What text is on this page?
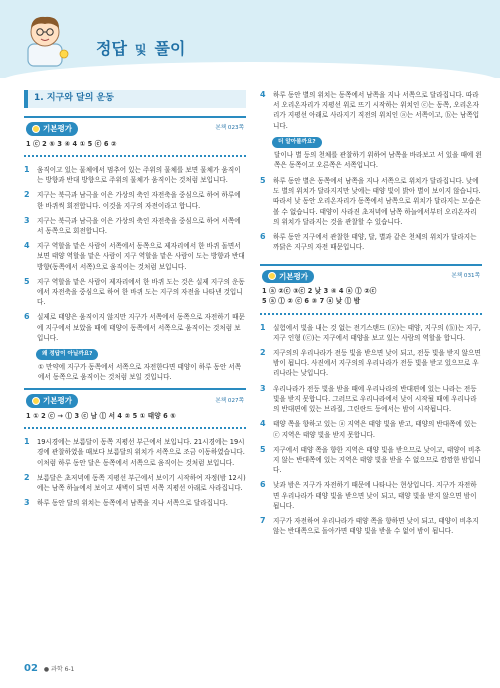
정답 및 풀이
1. 지구와 달의 운동
기본평가	본책 023쪽
1 ⓒ 2 ⑤ 3 ④ 4 ① 5 ⓒ 6 ②
1	움직이고 있는 물체에서 멈추어 있는 주위의 물체를 보면 물체가 움직이는 방향과 반대 방향으로 주위의 물체가 움직이는 것처럼 보입니다.
2	지구는 북극과 남극을 이은 가상의 축인 자전축을 중심으로 하여 하루에 한 바퀴씩 회전합니다. 이것을 지구의 자전이라고 합니다.
3	지구는 북극과 남극을 이은 가상의 축인 자전축을 중심으로 하여 서쪽에서 동쪽으로 회전합니다.
4	지구 역할을 맡은 사람이 서쪽에서 동쪽으로 제자리에서 한 바퀴 돌면서 보면 태양 역할을 맡은 사람이 지구 역할을 맡은 사람이 도는 방향과 반대 방향(동쪽에서 서쪽)으로 움직이는 것처럼 보입니다.
5	지구 역할을 맡은 사람이 제자리에서 한 바퀴 도는 것은 실제 지구의 운동에서 자전축을 중심으로 하여 한 바퀴 도는 지구의 자전을 나타낸 것입니다.
6	실제로 태양은 움직이지 않지만 지구가 서쪽에서 동쪽으로 자전하기 때문에 지구에서 보았을 때에 태양이 동쪽에서 서쪽으로 움직이는 것처럼 보입니다.
왜 정답이 아닐까요?
① 만약에 지구가 동쪽에서 서쪽으로 자전한다면 태양이 하루 동안 서쪽에서 동쪽으로 움직이는 것처럼 보일 것입니다.
기본평가	본책 027쪽
1 ① 2 ⓒ → ⓛ 3 ⓒ 남 ⓛ 서 4 ② 5 ① 태양 6 ⑤
1	19시경에는 보름달이 동쪽 지평선 부근에서 보입니다. 21시경에는 19시경에 관찰하였을 때보다 보름달의 위치가 서쪽으로 조금 이동하였습니다. 이처럼 하루 동안 달은 동쪽에서 서쪽으로 움직이는 것처럼 보입니다.
2	보름달은 초저녁에 동쪽 지평선 부근에서 보이기 시작하여 자정(밤 12시)에는 남쪽 하늘에서 보이고 새벽이 되면 서쪽 지평선 아래로 사라집니다.
3	하루 동안 달의 위치는 동쪽에서 남쪽을 지나 서쪽으로 달라집니다.
4	하루 동안 별의 위치는 동쪽에서 남쪽을 지나 서쪽으로 달라집니다. 따라서 오리온자리가 지평선 위로 뜨기 시작하는 위치인 ⓒ는 동쪽, 오리온자리가 지평선 아래로 사라지기 직전의 위치인 ⓐ는 서쪽이고, ⓑ는 남쪽입니다.
더 알아볼까요?
달이나 별 등의 천체를 관찰하기 위하여 남쪽을 바라보고 서 있을 때에 왼쪽은 동쪽이고 오른쪽은 서쪽입니다.
5	하루 동안 별은 동쪽에서 남쪽을 지나 서쪽으로 위치가 달라집니다. 낮에도 별의 위치가 달라지지만 낮에는 태양 빛이 밝아 별이 보이지 않습니다. 따라서 낮 동안 오리온자리가 동쪽에서 남쪽으로 위치가 달라지는 모습은 볼 수 없습니다. 태양이 사라진 초저녁에 남쪽 하늘에서부터 오리온자리의 위치가 달라지는 것을 관찰할 수 있습니다.
6	하루 동안 지구에서 관찰한 태양, 달, 별과 같은 천체의 위치가 달라지는 까닭은 지구의 자전 때문입니다.
기본평가	본책 031쪽
1 ⓐ ②ⓒ ③ⓒ 2 낮 3 ④ 4 ⓐ ⓛ ②ⓒ
5 ⓐ ⓛ ② ⓒ 6 ③ 7 ⓐ 낮 ⓛ 밤
1	실험에서 빛을 내는 것 없는 전기스탠드 (ⓐ)는 태양, 지구의 (ⓑ)는 지구, 지구 인형 (ⓒ)는 지구에서 태양을 보고 있는 사람의 역할을 합니다.
2	지구의의 우리나라가 전등 빛을 받으면 낮이 되고, 전등 빛을 받지 않으면 밤이 됩니다. 사진에서 지구의의 우리나라가 전등 빛을 받고 있으므로 우리나라는 낮입니다.
3	우리나라가 전등 빛을 받을 때에 우리나라의 반대편에 있는 나라는 전등 빛을 받지 못합니다. 그러므로 우리나라에서 낮이 시작될 때에 우리나라의 반대편에 있는 브라질, 그린란드 등에서는 밤이 시작됩니다.
4	태양 쪽을 향하고 있는 ⓐ 지역은 태양 빛을 받고, 태양의 반대쪽에 있는 ⓒ 지역은 태양 빛을 받지 못합니다.
5	지구에서 태양 쪽을 향한 지역은 태양 빛을 받으므로 낮이고, 태양이 비추지 않는 반대쪽에 있는 지역은 태양 빛을 받을 수 없으므로 깜깜한 밤입니다.
6	낮과 밤은 지구가 자전하기 때문에 나타나는 현상입니다. 지구가 자전하면 우리나라가 태양 빛을 받으면 낮이 되고, 태양 빛을 받지 않으면 밤이 됩니다.
7	지구가 자전하여 우리나라가 태양 쪽을 향하면 낮이 되고, 태양이 비추지 않는 반대쪽으로 돌아가면 태양 빛을 받을 수 없어 밤이 됩니다.
02 ● 과학 6-1
